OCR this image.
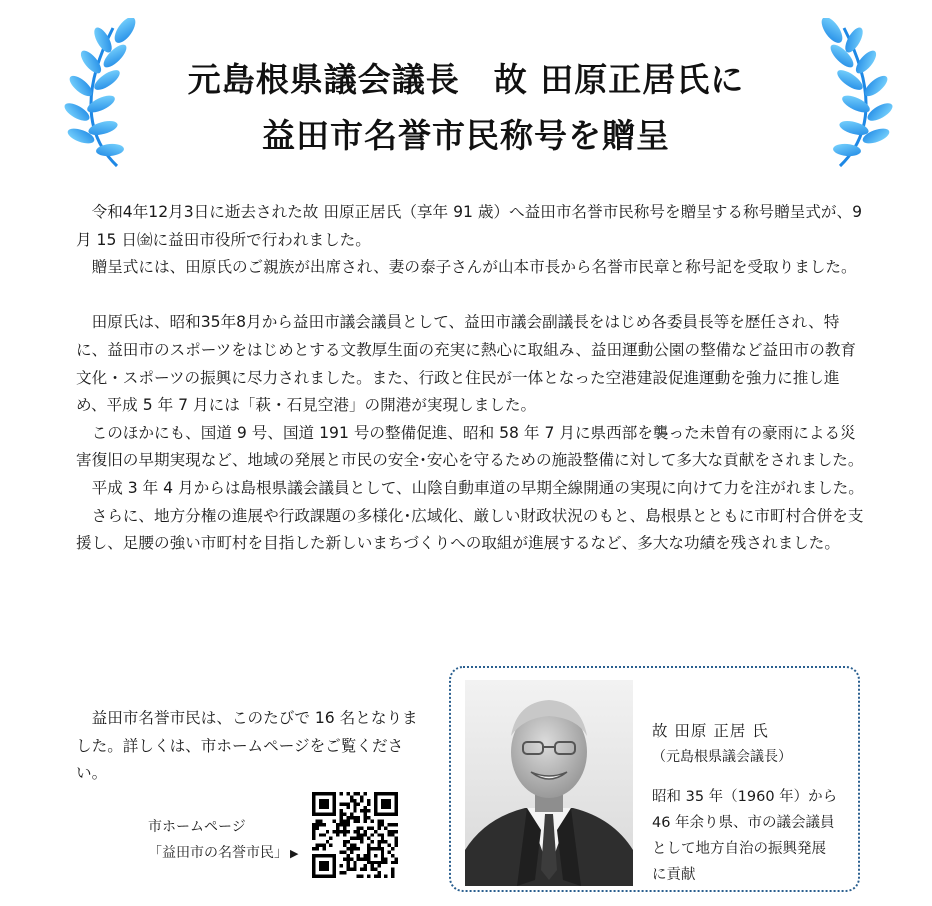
元島根県議会議長　故 田原正居氏に
益田市名誉市民称号を贈呈

令和4年12月3日に逝去された故 田原正居氏（享年 91 歳）へ益田市名誉市民称号を贈呈する称号贈呈式が、9 月 15 日㈮に益田市役所で行われました。

贈呈式には、田原氏のご親族が出席され、妻の泰子さんが山本市長から名誉市民章と称号記を受取りました。

田原氏は、昭和35年8月から益田市議会議員として、益田市議会副議長をはじめ各委員長等を歴任され、特に、益田市のスポーツをはじめとする文教厚生面の充実に熱心に取組み、益田運動公園の整備など益田市の教育文化・スポーツの振興に尽力されました。また、行政と住民が一体となった空港建設促進運動を強力に推し進め、平成 5 年 7 月には「萩・石見空港」の開港が実現しました。

このほかにも、国道 9 号、国道 191 号の整備促進、昭和 58 年 7 月に県西部を襲った未曽有の豪雨による災害復旧の早期実現など、地域の発展と市民の安全･安心を守るための施設整備に対して多大な貢献をされました。

平成 3 年 4 月からは島根県議会議員として、山陰自動車道の早期全線開通の実現に向けて力を注がれました。

さらに、地方分権の進展や行政課題の多様化･広域化、厳しい財政状況のもと、島根県とともに市町村合併を支援し、足腰の強い市町村を目指した新しいまちづくりへの取組が進展するなど、多大な功績を残されました。

益田市名誉市民は、このたびで 16 名となりました。詳しくは、市ホームページをご覧ください。
市ホームページ
「益田市の名誉市民」 ▶
故 田原 正居 氏
（元島根県議会議長）
昭和 35 年（1960 年）から
46 年余り県、市の議会議員
として地方自治の振興発展
に貢献
